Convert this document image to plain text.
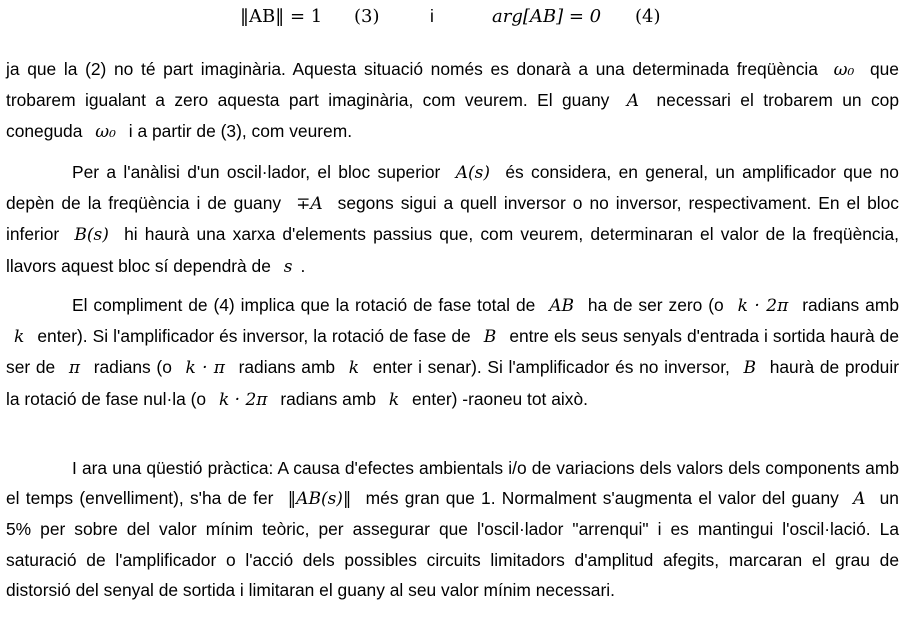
‖AB‖ = 1 (3)	i	arg[AB] = 0 (4)

ja que la (2) no té part imaginària. Aquesta situació només es donarà a una determinada freqüència ω₀ que trobarem igualant a zero aquesta part imaginària, com veurem. El guany A necessari el trobarem un cop coneguda ω₀ i a partir de (3), com veurem.

Per a l'anàlisi d'un oscil·lador, el bloc superior A(s) és considera, en general, un amplificador que no depèn de la freqüència i de guany ∓A segons sigui a quell inversor o no inversor, respectivament. En el bloc inferior B(s) hi haurà una xarxa d'elements passius que, com veurem, determinaran el valor de la freqüència, llavors aquest bloc sí dependrà de s .

El compliment de (4) implica que la rotació de fase total de AB ha de ser zero (o k · 2π radians amb k enter). Si l'amplificador és inversor, la rotació de fase de B entre els seus senyals d'entrada i sortida haurà de ser de π radians (o k · π radians amb k enter i senar). Si l'amplificador és no inversor, B haurà de produir la rotació de fase nul·la (o k · 2π radians amb k enter) -raoneu tot això.

I ara una qüestió pràctica: A causa d'efectes ambientals i/o de variacions dels valors dels components amb el temps (envelliment), s'ha de fer ‖AB(s)‖ més gran que 1. Normalment s'augmenta el valor del guany A un 5% per sobre del valor mínim teòric, per assegurar que l'oscil·lador "arrenqui" i es mantingui l'oscil·lació. La saturació de l'amplificador o l'acció dels possibles circuits limitadors d'amplitud afegits, marcaran el grau de distorsió del senyal de sortida i limitaran el guany al seu valor mínim necessari.
